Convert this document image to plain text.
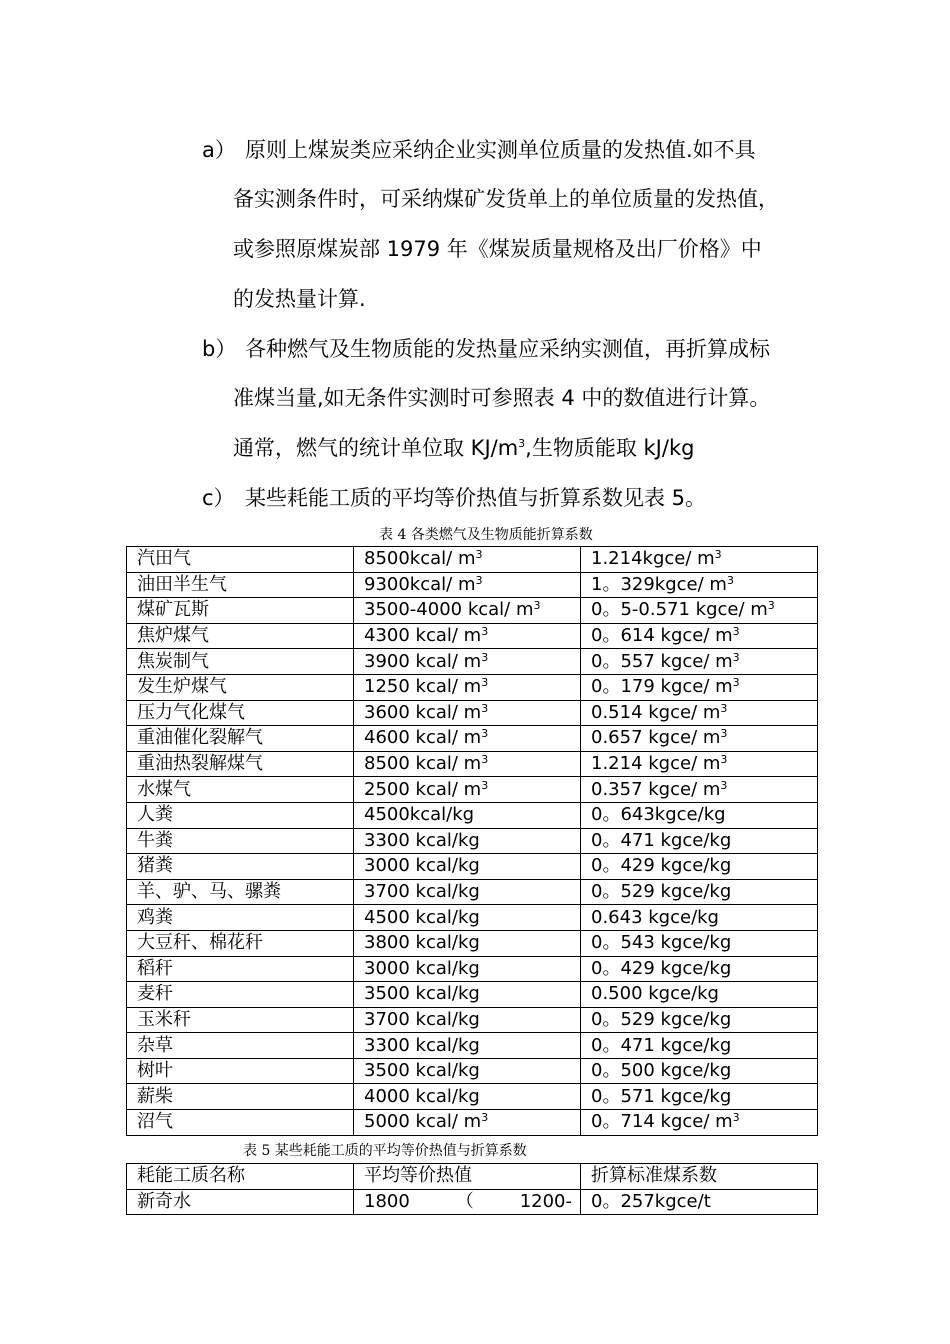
a） 原则上煤炭类应采纳企业实测单位质量的发热值.如不具
备实测条件时，可采纳煤矿发货单上的单位质量的发热值，
或参照原煤炭部 1979 年《煤炭质量规格及出厂价格》中
的发热量计算.
b） 各种燃气及生物质能的发热量应采纳实测值，再折算成标
准煤当量,如无条件实测时可参照表 4 中的数值进行计算。
通常，燃气的统计单位取 $KJ/m^3$,生物质能取 kJ/kg
c） 某些耗能工质的平均等价热值与折算系数见表 5。
表 4 各类燃气及生物质能折算系数
汽田气	8500kcal/ $m^3$	1.214kgce/ $m^3$
油田半生气	9300kcal/ $m^3$	1。329kgce/ $m^3$
煤矿瓦斯	3500-4000 kcal/ $m^3$	0。5-0.571 kgce/ $m^3$
焦炉煤气	4300 kcal/ $m^3$	0。614 kgce/ $m^3$
焦炭制气	3900 kcal/ $m^3$	0。557 kgce/ $m^3$
发生炉煤气	1250 kcal/ $m^3$	0。179 kgce/ $m^3$
压力气化煤气	3600 kcal/ $m^3$	0.514 kgce/ $m^3$
重油催化裂解气	4600 kcal/ $m^3$	0.657 kgce/ $m^3$
重油热裂解煤气	8500 kcal/ $m^3$	1.214 kgce/ $m^3$
水煤气	2500 kcal/ $m^3$	0.357 kgce/ $m^3$
人粪	4500kcal/kg	0。643kgce/kg
牛粪	3300 kcal/kg	0。471 kgce/kg
猪粪	3000 kcal/kg	0。429 kgce/kg
羊、驴、马、骡粪	3700 kcal/kg	0。529 kgce/kg
鸡粪	4500 kcal/kg	0.643 kgce/kg
大豆秆、棉花秆	3800 kcal/kg	0。543 kgce/kg
稻秆	3000 kcal/kg	0。429 kgce/kg
麦秆	3500 kcal/kg	0.500 kgce/kg
玉米秆	3700 kcal/kg	0。529 kgce/kg
杂草	3300 kcal/kg	0。471 kgce/kg
树叶	3500 kcal/kg	0。500 kgce/kg
薪柴	4000 kcal/kg	0。571 kgce/kg
沼气	5000 kcal/ $m^3$	0。714 kgce/ $m^3$
表 5 某些耗能工质的平均等价热值与折算系数
耗能工质名称	平均等价热值	折算标准煤系数
新奇水	1800 （ 1200-	0。257kgce/t
